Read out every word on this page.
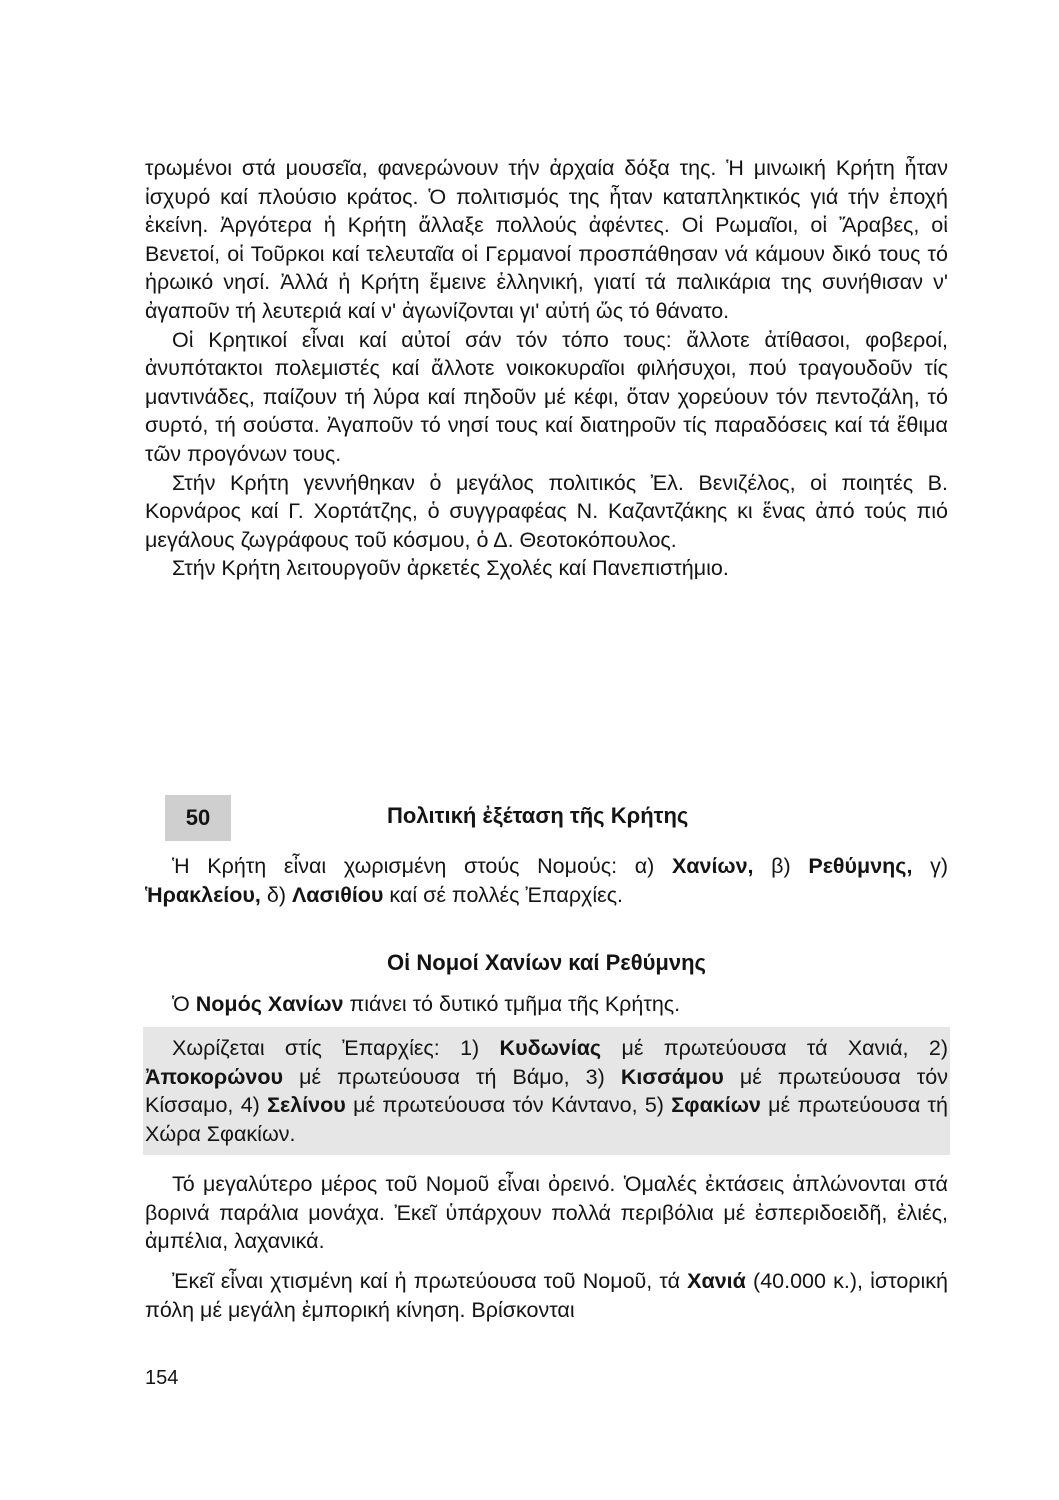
τρωμένοι στά μουσεῖα, φανερώνουν τήν ἀρχαία δόξα της. Ἡ μινωική Κρήτη ἦταν ἰσχυρό καί πλούσιο κράτος. Ὁ πολιτισμός της ἦταν καταπληκτικός γιά τήν ἐποχή ἐκείνη. Ἀργότερα ἡ Κρήτη ἄλλαξε πολλούς ἀφέντες. Οἱ Ρωμαῖοι, οἱ Ἄραβες, οἱ Βενετοί, οἱ Τοῦρκοι καί τελευταῖα οἱ Γερμανοί προσπάθησαν νά κάμουν δικό τους τό ἡρωικό νησί. Ἀλλά ἡ Κρήτη ἔμεινε ἑλληνική, γιατί τά παλικάρια της συνήθισαν ν' ἀγαποῦν τή λευτεριά καί ν' ἀγωνίζονται γι' αὐτή ὥς τό θάνατο.

Οἱ Κρητικοί εἶναι καί αὐτοί σάν τόν τόπο τους: ἄλλοτε ἀτίθασοι, φοβεροί, ἀνυπότακτοι πολεμιστές καί ἄλλοτε νοικοκυραῖοι φιλήσυχοι, πού τραγουδοῦν τίς μαντινάδες, παίζουν τή λύρα καί πηδοῦν μέ κέφι, ὅταν χορεύουν τόν πεντοζάλη, τό συρτό, τή σούστα. Ἀγαποῦν τό νησί τους καί διατηροῦν τίς παραδόσεις καί τά ἔθιμα τῶν προγόνων τους.

Στήν Κρήτη γεννήθηκαν ὁ μεγάλος πολιτικός Ἐλ. Βενιζέλος, οἱ ποιητές Β. Κορνάρος καί Γ. Χορτάτζης, ὁ συγγραφέας Ν. Καζαντζάκης κι ἕνας ἀπό τούς πιό μεγάλους ζωγράφους τοῦ κόσμου, ὁ Δ. Θεοτοκόπουλος.

Στήν Κρήτη λειτουργοῦν ἀρκετές Σχολές καί Πανεπιστήμιο.

50	Πολιτική ἐξέταση τῆς Κρήτης
Ἡ Κρήτη εἶναι χωρισμένη στούς Νομούς: α) Χανίων, β) Ρεθύμνης, γ) Ἡρακλείου, δ) Λασιθίου καί σέ πολλές Ἐπαρχίες.
Οἱ Νομοί Χανίων καί Ρεθύμνης
Ὁ Νομός Χανίων πιάνει τό δυτικό τμῆμα τῆς Κρήτης.
Χωρίζεται στίς Ἐπαρχίες: 1) Κυδωνίας μέ πρωτεύουσα τά Χανιά, 2) Ἀποκορώνου μέ πρωτεύουσα τή Βάμο, 3) Κισσάμου μέ πρωτεύουσα τόν Κίσσαμο, 4) Σελίνου μέ πρωτεύουσα τόν Κάντανο, 5) Σφακίων μέ πρωτεύουσα τή Χώρα Σφακίων.
Τό μεγαλύτερο μέρος τοῦ Νομοῦ εἶναι ὀρεινό. Ὁμαλές ἐκτάσεις ἁπλώνονται στά βορινά παράλια μονάχα. Ἐκεῖ ὑπάρχουν πολλά περιβόλια μέ ἐσπεριδοειδῆ, ἐλιές, ἀμπέλια, λαχανικά.
Ἐκεῖ εἶναι χτισμένη καί ἡ πρωτεύουσα τοῦ Νομοῦ, τά Χανιά (40.000 κ.), ἱστορική πόλη μέ μεγάλη ἐμπορική κίνηση. Βρίσκονται
154
